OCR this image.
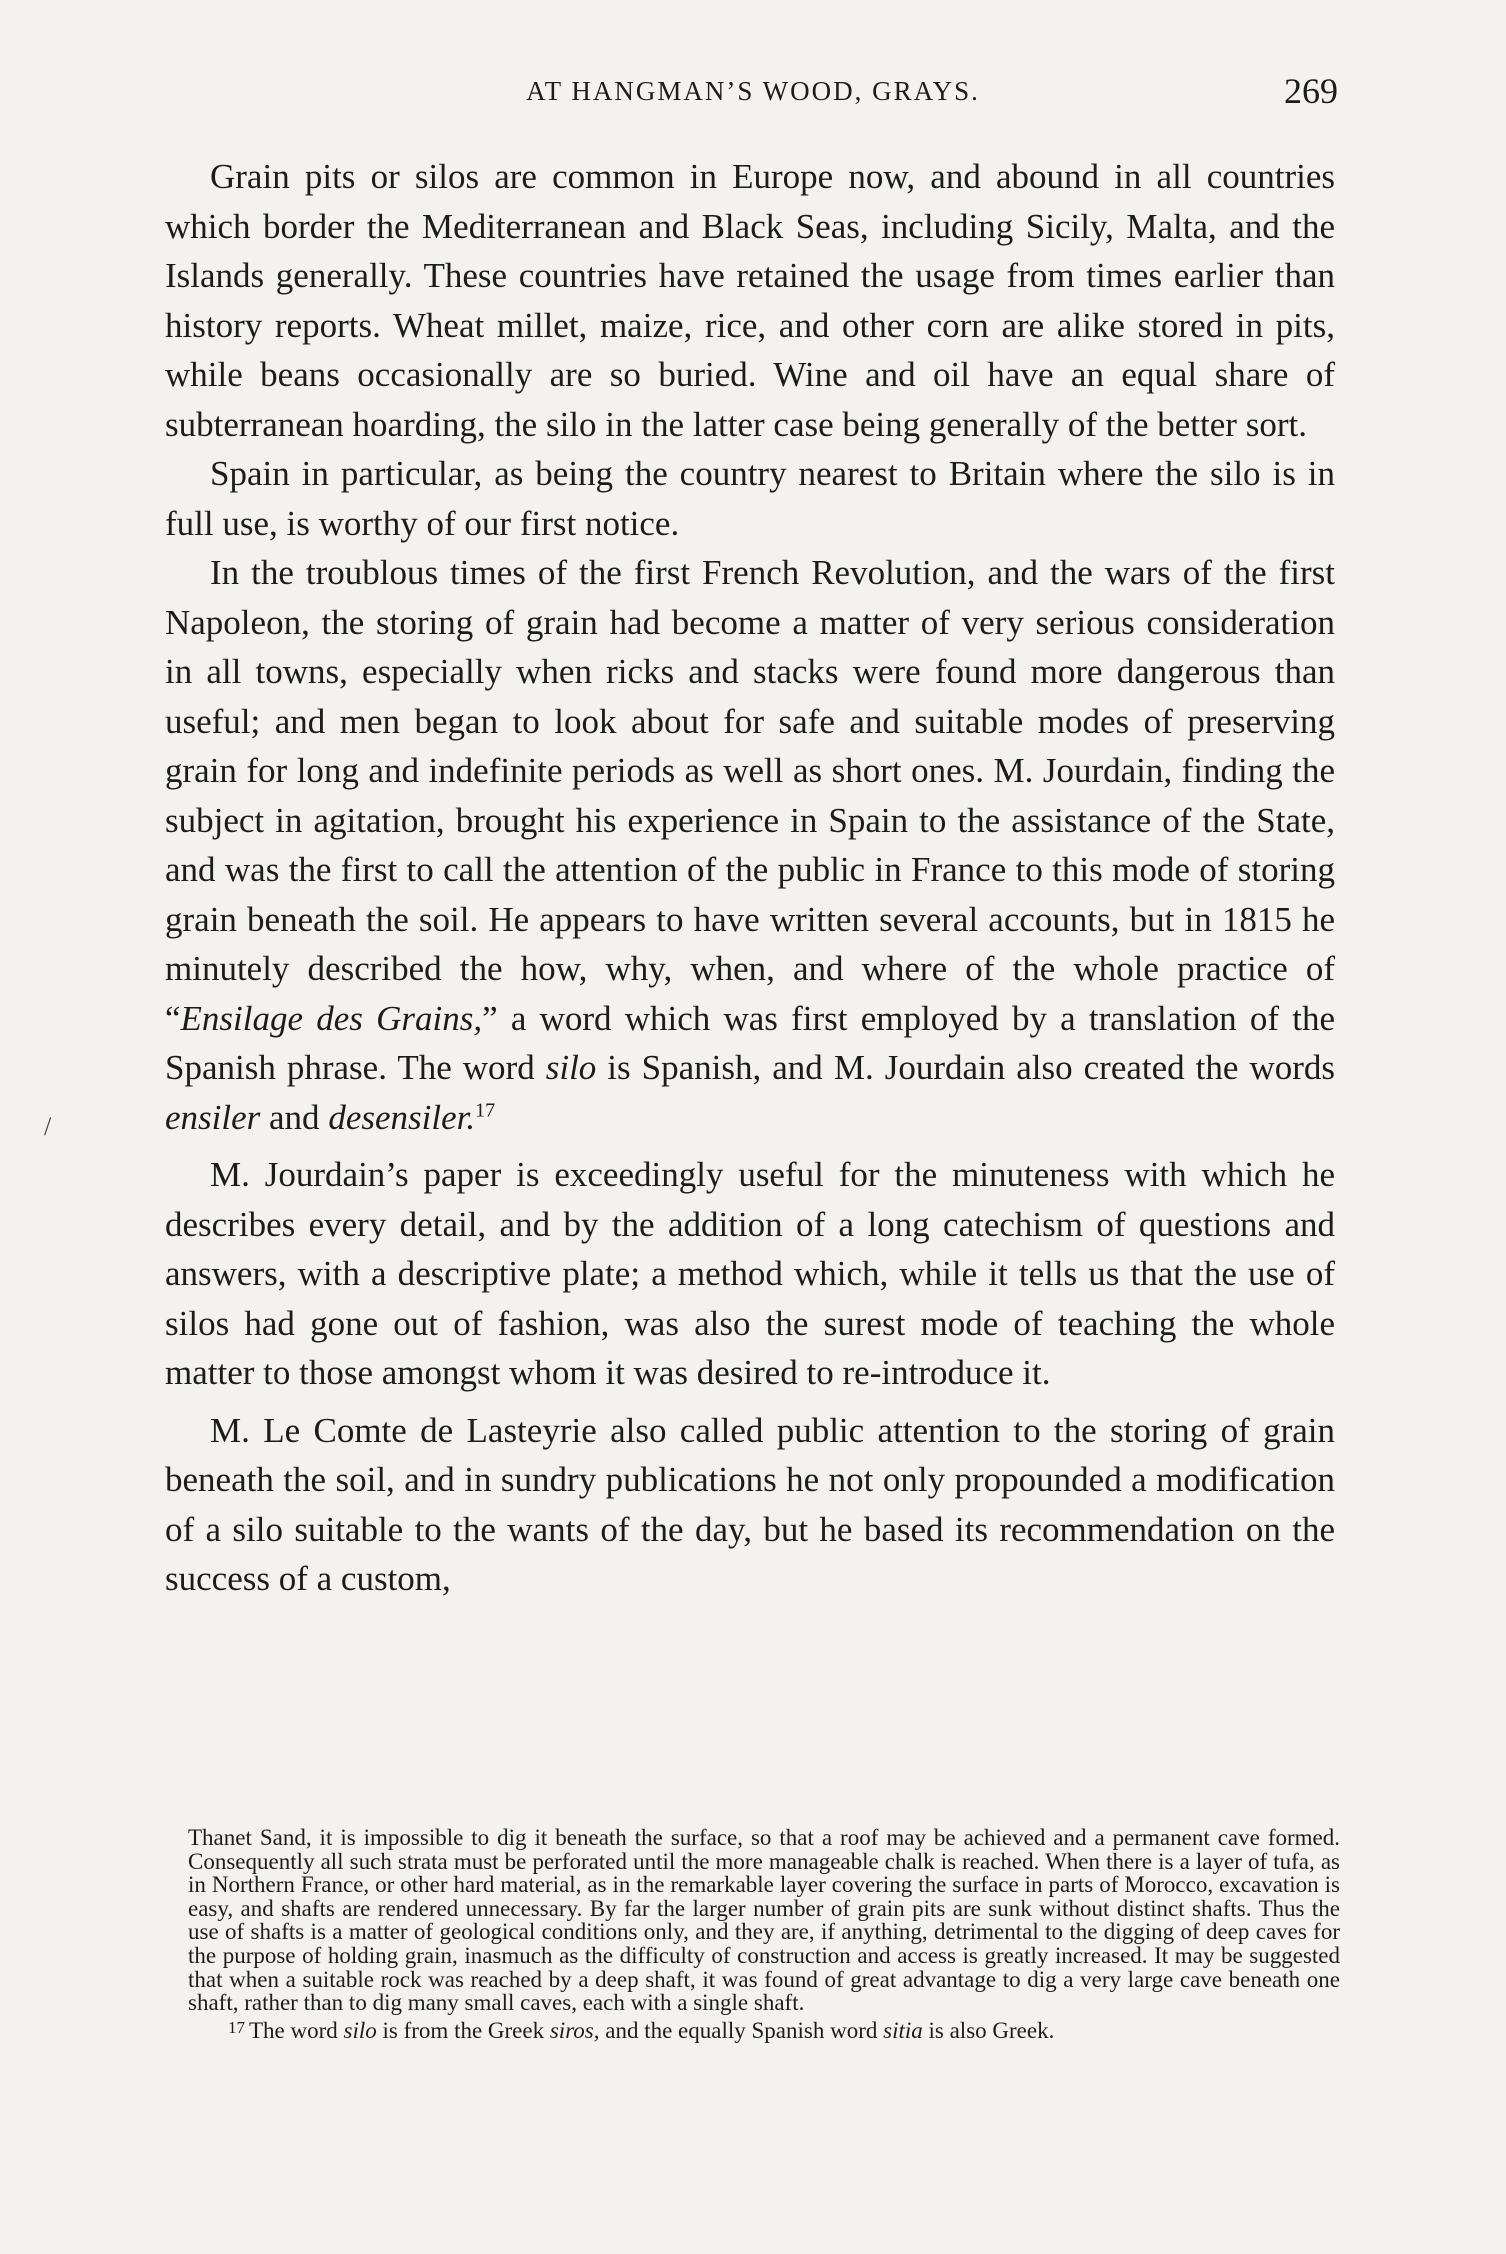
AT HANGMAN’S WOOD, GRAYS.	269
/

Grain pits or silos are common in Europe now, and abound in all countries which border the Mediterranean and Black Seas, including Sicily, Malta, and the Islands generally. These countries have retained the usage from times earlier than history reports. Wheat millet, maize, rice, and other corn are alike stored in pits, while beans occasionally are so buried. Wine and oil have an equal share of subterranean hoarding, the silo in the latter case being generally of the better sort.

Spain in particular, as being the country nearest to Britain where the silo is in full use, is worthy of our first notice.

In the troublous times of the first French Revolution, and the wars of the first Napoleon, the storing of grain had become a matter of very serious consideration in all towns, especially when ricks and stacks were found more dangerous than useful; and men began to look about for safe and suitable modes of preserving grain for long and indefinite periods as well as short ones. M. Jourdain, finding the subject in agitation, brought his experience in Spain to the assistance of the State, and was the first to call the attention of the public in France to this mode of storing grain beneath the soil. He appears to have written several accounts, but in 1815 he minutely described the how, why, when, and where of the whole practice of “Ensilage des Grains,” a word which was first employed by a translation of the Spanish phrase. The word silo is Spanish, and M. Jourdain also created the words ensiler and desensiler.$^{17}$

M. Jourdain’s paper is exceedingly useful for the minuteness with which he describes every detail, and by the addition of a long catechism of questions and answers, with a descriptive plate; a method which, while it tells us that the use of silos had gone out of fashion, was also the surest mode of teaching the whole matter to those amongst whom it was desired to re-introduce it.

M. Le Comte de Lasteyrie also called public attention to the storing of grain beneath the soil, and in sundry publications he not only propounded a modification of a silo suitable to the wants of the day, but he based its recommendation on the success of a custom,

Thanet Sand, it is impossible to dig it beneath the surface, so that a roof may be achieved and a permanent cave formed. Consequently all such strata must be perforated until the more manageable chalk is reached. When there is a layer of tufa, as in Northern France, or other hard material, as in the remarkable layer covering the surface in parts of Morocco, excavation is easy, and shafts are rendered unnecessary. By far the larger number of grain pits are sunk without distinct shafts. Thus the use of shafts is a matter of geological conditions only, and they are, if anything, detrimental to the digging of deep caves for the purpose of holding grain, inasmuch as the difficulty of construction and access is greatly increased. It may be suggested that when a suitable rock was reached by a deep shaft, it was found of great advantage to dig a very large cave beneath one shaft, rather than to dig many small caves, each with a single shaft.

$^{17}$ The word silo is from the Greek siros, and the equally Spanish word sitia is also Greek.
